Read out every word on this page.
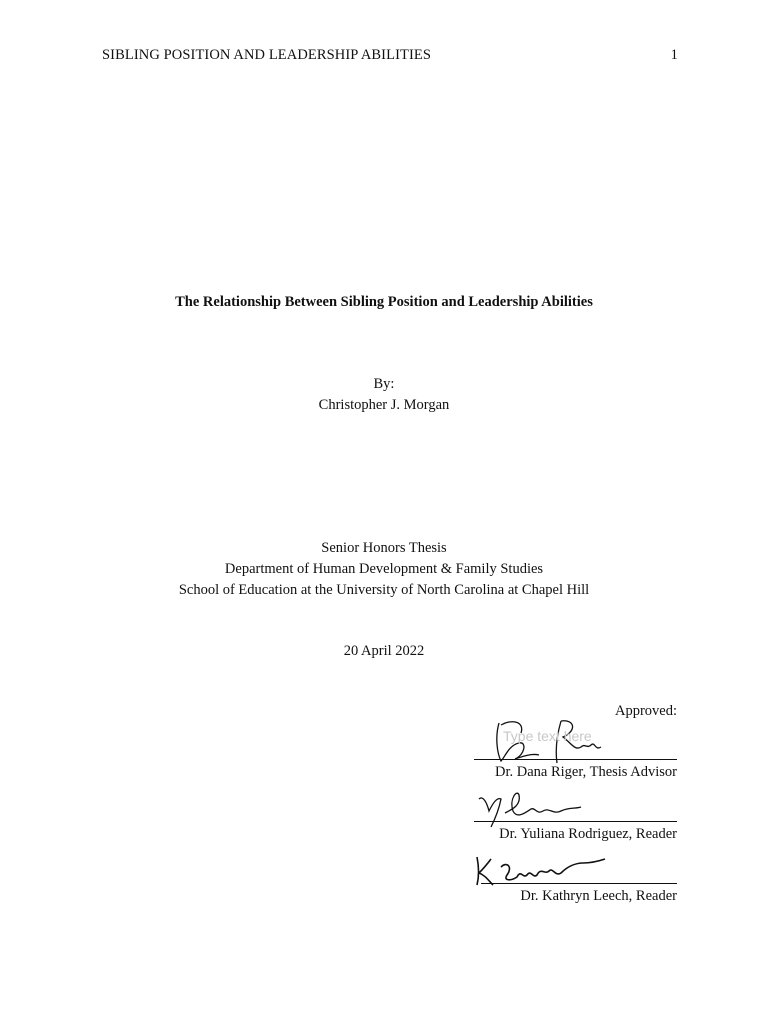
SIBLING POSITION AND LEADERSHIP ABILITIES	1
The Relationship Between Sibling Position and Leadership Abilities
By:
Christopher J. Morgan
Senior Honors Thesis
Department of Human Development & Family Studies
School of Education at the University of North Carolina at Chapel Hill
20 April 2022
Approved:
Type text here
Dr. Dana Riger, Thesis Advisor
Dr. Yuliana Rodriguez, Reader
Dr. Kathryn Leech, Reader
